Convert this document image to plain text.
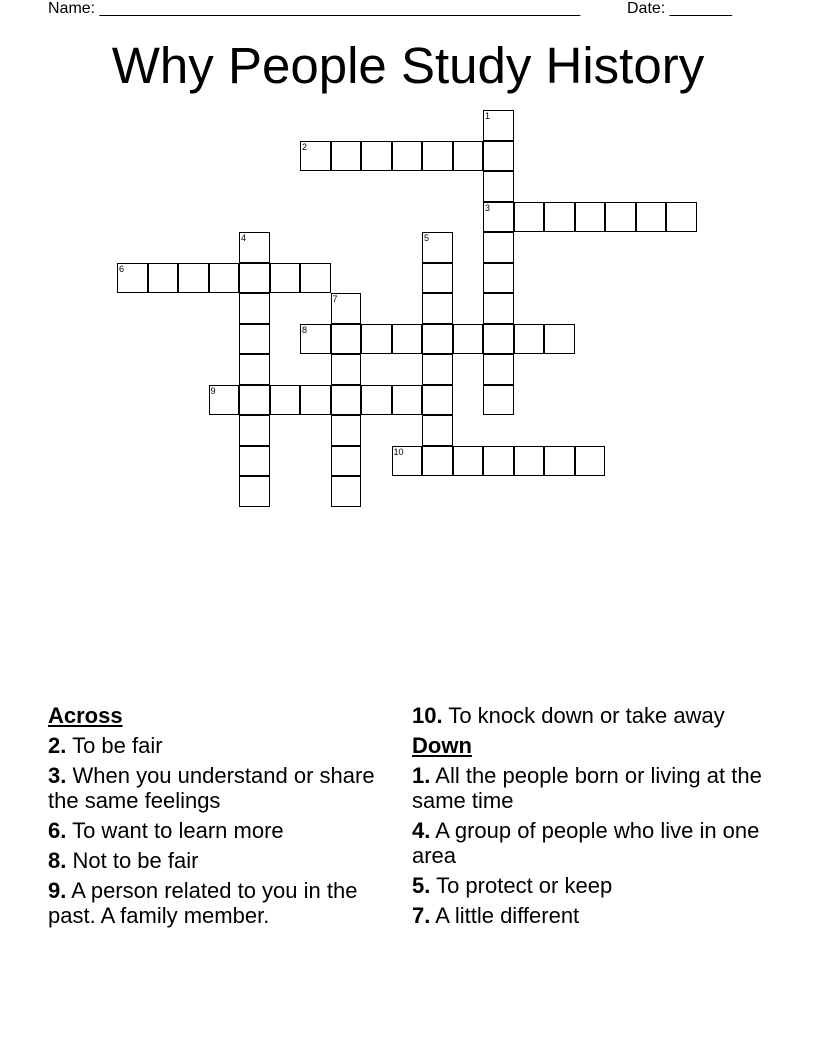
Name: ______________________________________________________	Date: _______
Why People Study History
1
3
2
4	5
6
7
8
9
10

Across

2. To be fair

3. When you understand or share the same feelings

6. To want to learn more

8. Not to be fair

9. A person related to you in the past. A family member.

10. To knock down or take away

Down

1. All the people born or living at the same time

4. A group of people who live in one area

5. To protect or keep

7. A little different
